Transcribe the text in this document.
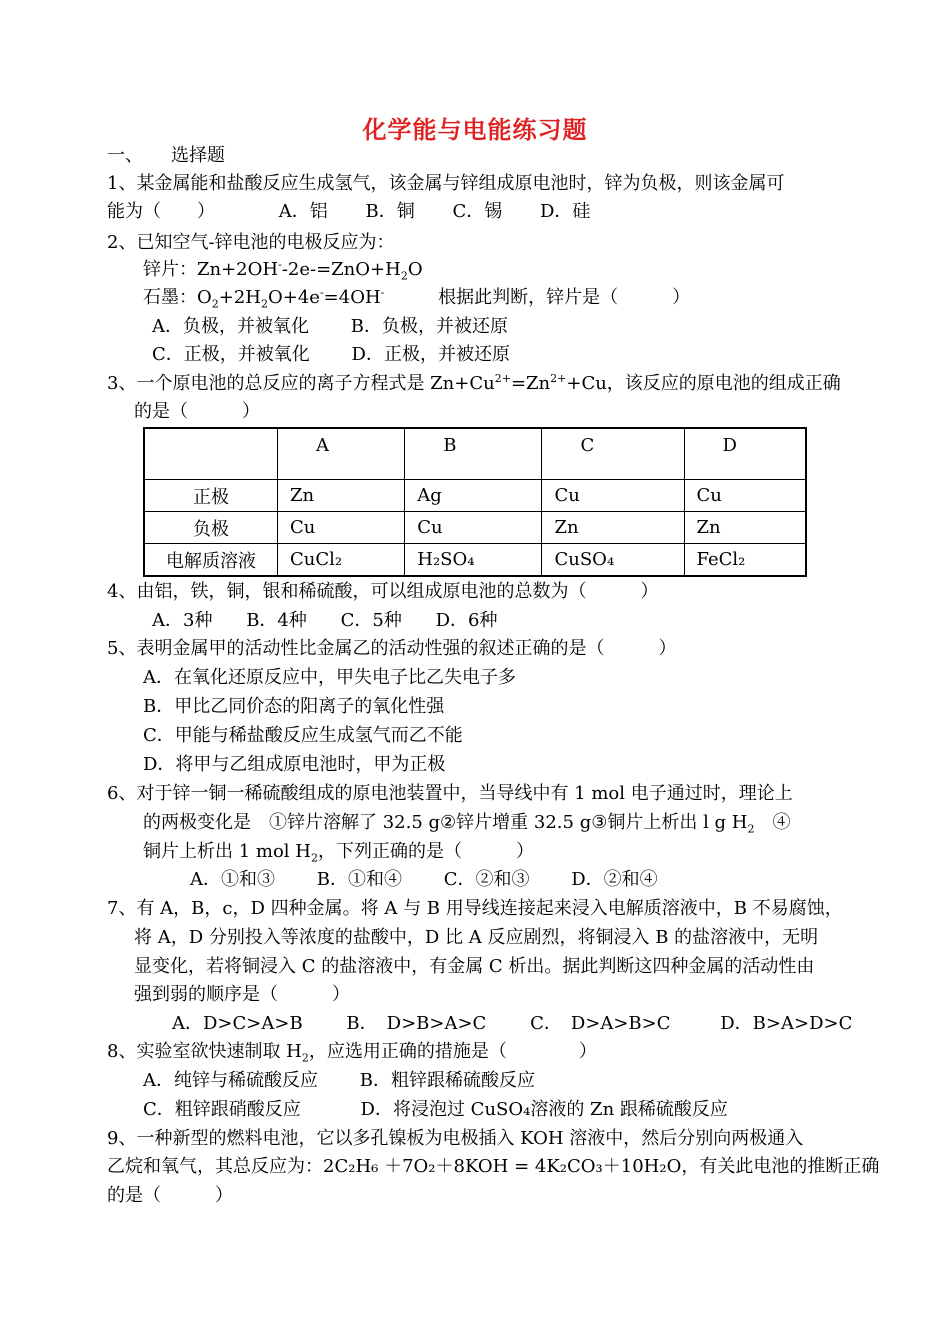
化学能与电能练习题
一、 选择题
1、某金属能和盐酸反应生成氢气，该金属与锌组成原电池时，锌为负极，则该金属可
能为（　　）	A．铝 B．铜 C．锡 D．硅
2、已知空气-锌电池的电极反应为：
锌片：$Zn+2OH^--2e-=ZnO+H_2O$
石墨：$O_2+2H_2O+4e^-=4OH^-$	根据此判断，锌片是（　　　）
A．负极，并被氧化 B．负极，并被还原
C．正极，并被氧化 D．正极，并被还原
3、一个原电池的总反应的离子方程式是 $Zn+Cu^{2+}=Zn^{2+}+Cu$，该反应的原电池的组成正确
的是（　　　）
	A	B	C	D
正极	Zn	Ag	Cu	Cu
负极	Cu	Cu	Zn	Zn
电解质溶液	CuCl₂	H₂SO₄	CuSO₄	FeCl₂
4、由铝，铁，铜，银和稀硫酸，可以组成原电池的总数为（　　　）
A．3种 B．4种 C．5种 D．6种
5、表明金属甲的活动性比金属乙的活动性强的叙述正确的是（　　　）
A．在氧化还原反应中，甲失电子比乙失电子多
B．甲比乙同价态的阳离子的氧化性强
C．甲能与稀盐酸反应生成氢气而乙不能
D．将甲与乙组成原电池时，甲为正极
6、对于锌一铜一稀硫酸组成的原电池装置中，当导线中有 1 mol 电子通过时，理论上
的两极变化是　①锌片溶解了 32.5 g②锌片增重 32.5 g③铜片上析出 l g $H_2$　④
铜片上析出 1 mol $H_2$，下列正确的是（　　　）
A．①和③ B．①和④ C．②和③ D．②和④
7、有 A，B，c，D 四种金属。将 A 与 B 用导线连接起来浸入电解质溶液中，B 不易腐蚀，
将 A，D 分别投入等浓度的盐酸中，D 比 A 反应剧烈，将铜浸入 B 的盐溶液中，无明
显变化，若将铜浸入 C 的盐溶液中，有金属 C 析出。据此判断这四种金属的活动性由
强到弱的顺序是（　　　）
A．D>C>A>B B．　D>B>A>C C．　D>A>B>C	D．B>A>D>C
8、实验室欲快速制取 $H_2$，应选用正确的措施是（　　　　）
A．纯锌与稀硫酸反应 B．粗锌跟稀硫酸反应
C．粗锌跟硝酸反应	D．将浸泡过 CuSO₄溶液的 Zn 跟稀硫酸反应
9、一种新型的燃料电池，它以多孔镍板为电极插入 KOH 溶液中，然后分别向两极通入
乙烷和氧气，其总反应为：2C₂H₆ ＋7O₂＋8KOH = 4K₂CO₃＋10H₂O，有关此电池的推断正确
的是（　　　）
